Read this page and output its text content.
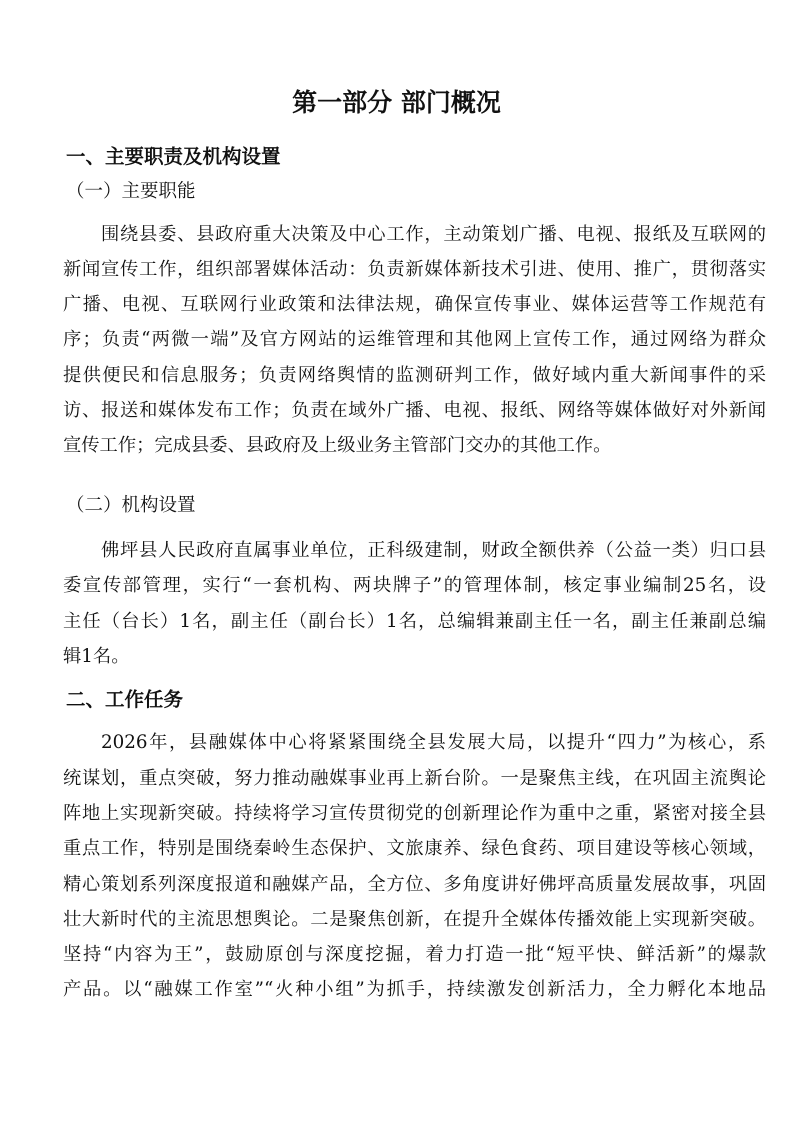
第一部分 部门概况
一、主要职责及机构设置
（一）主要职能
围绕县委、县政府重大决策及中心工作，主动策划广播、电视、报纸及互联网的
新闻宣传工作，组织部署媒体活动：负责新媒体新技术引进、使用、推广，贯彻落实
广播、电视、互联网行业政策和法律法规，确保宣传事业、媒体运营等工作规范有
序；负责“两微一端”及官方网站的运维管理和其他网上宣传工作，通过网络为群众
提供便民和信息服务；负责网络舆情的监测研判工作，做好域内重大新闻事件的采
访、报送和媒体发布工作；负责在域外广播、电视、报纸、网络等媒体做好对外新闻
宣传工作；完成县委、县政府及上级业务主管部门交办的其他工作。
（二）机构设置
佛坪县人民政府直属事业单位，正科级建制，财政全额供养（公益一类）归口县
委宣传部管理，实行“一套机构、两块牌子”的管理体制，核定事业编制25名，设
主任（台长）1名，副主任（副台长）1名，总编辑兼副主任一名，副主任兼副总编
辑1名。
二、工作任务
2026年，县融媒体中心将紧紧围绕全县发展大局，以提升“四力”为核心，系
统谋划，重点突破，努力推动融媒事业再上新台阶。一是聚焦主线，在巩固主流舆论
阵地上实现新突破。持续将学习宣传贯彻党的创新理论作为重中之重，紧密对接全县
重点工作，特别是围绕秦岭生态保护、文旅康养、绿色食药、项目建设等核心领域，
精心策划系列深度报道和融媒产品，全方位、多角度讲好佛坪高质量发展故事，巩固
壮大新时代的主流思想舆论。二是聚焦创新，在提升全媒体传播效能上实现新突破。
坚持“内容为王”，鼓励原创与深度挖掘，着力打造一批“短平快、鲜活新”的爆款
产品。以“融媒工作室”“火种小组”为抓手，持续激发创新活力，全力孵化本地品
